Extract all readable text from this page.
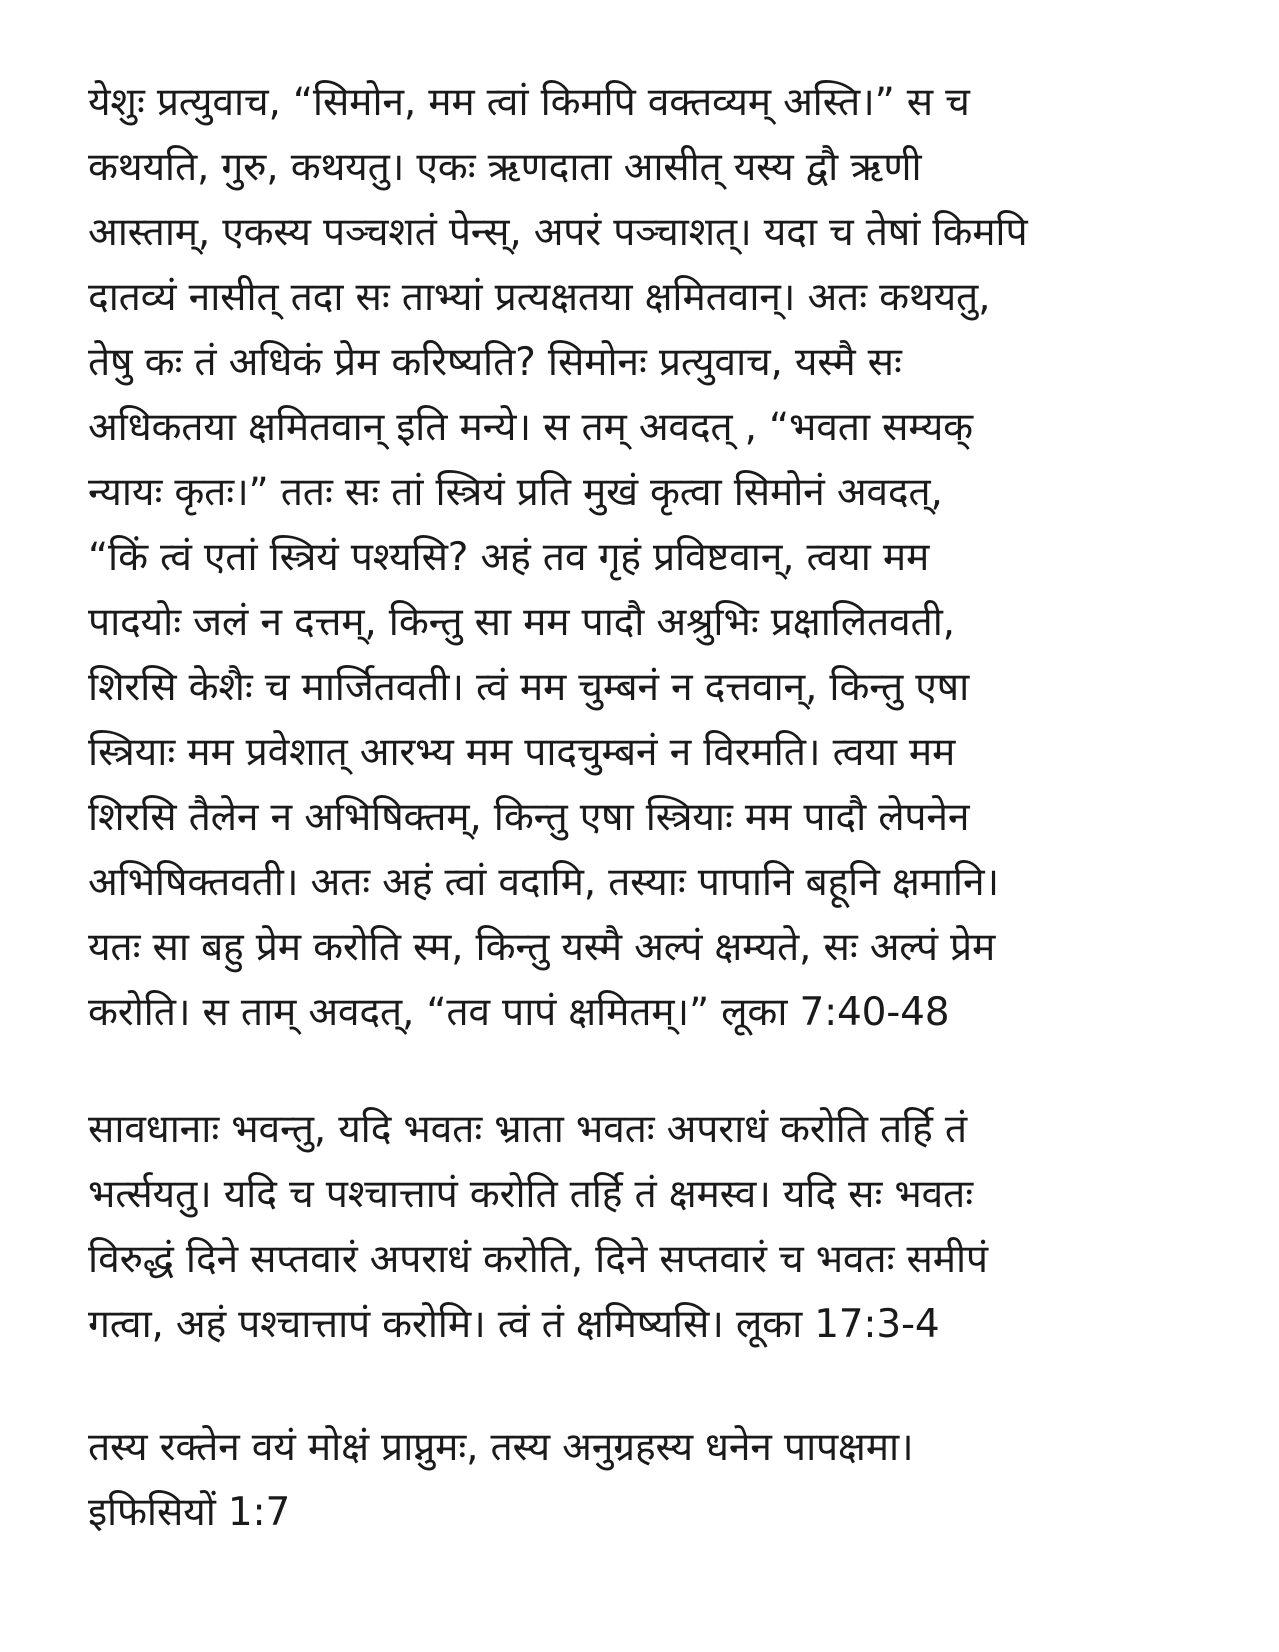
येशुः प्रत्युवाच, “सिमोन, मम त्वां किमपि वक्तव्यम् अस्ति।” स च
कथयति, गुरु, कथयतु। एकः ऋणदाता आसीत् यस्य द्वौ ऋणी
आस्ताम्, एकस्य पञ्चशतं पेन्स्, अपरं पञ्चाशत्। यदा च तेषां किमपि
दातव्यं नासीत् तदा सः ताभ्यां प्रत्यक्षतया क्षमितवान्। अतः कथयतु,
तेषु कः तं अधिकं प्रेम करिष्यति? सिमोनः प्रत्युवाच, यस्मै सः
अधिकतया क्षमितवान् इति मन्ये। स तम् अवदत् , “भवता सम्यक्
न्यायः कृतः।” ततः सः तां स्त्रियं प्रति मुखं कृत्वा सिमोनं अवदत्,
“किं त्वं एतां स्त्रियं पश्यसि? अहं तव गृहं प्रविष्टवान्, त्वया मम
पादयोः जलं न दत्तम्, किन्तु सा मम पादौ अश्रुभिः प्रक्षालितवती,
शिरसि केशैः च मार्जितवती। त्वं मम चुम्बनं न दत्तवान्, किन्तु एषा
स्त्रियाः मम प्रवेशात् आरभ्य मम पादचुम्बनं न विरमति। त्वया मम
शिरसि तैलेन न अभिषिक्तम्, किन्तु एषा स्त्रियाः मम पादौ लेपनेन
अभिषिक्तवती। अतः अहं त्वां वदामि, तस्याः पापानि बहूनि क्षमानि।
यतः सा बहु प्रेम करोति स्म, किन्तु यस्मै अल्पं क्षम्यते, सः अल्पं प्रेम
करोति। स ताम् अवदत्, “तव पापं क्षमितम्।” लूका 7:40-48
सावधानाः भवन्तु, यदि भवतः भ्राता भवतः अपराधं करोति तर्हि तं
भर्त्सयतु। यदि च पश्चात्तापं करोति तर्हि तं क्षमस्व। यदि सः भवतः
विरुद्धं दिने सप्तवारं अपराधं करोति, दिने सप्तवारं च भवतः समीपं
गत्वा, अहं पश्चात्तापं करोमि। त्वं तं क्षमिष्यसि। लूका 17:3-4
तस्य रक्तेन वयं मोक्षं प्राप्नुमः, तस्य अनुग्रहस्य धनेन पापक्षमा।
इफिसियों 1:7
